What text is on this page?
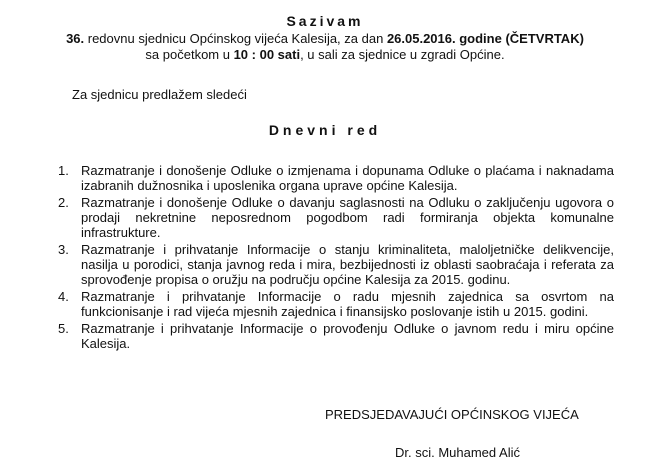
Sazivam
36. redovnu sjednicu Općinskog vijeća Kalesija, za dan 26.05.2016. godine (ČETVRTAK)
sa početkom u 10 : 00 sati, u sali za sjednice u zgradi Općine.
Za sjednicu predlažem sledeći
Dnevni red
1. Razmatranje i donošenje Odluke o izmjenama i dopunama Odluke o plaćama i naknadama izabranih dužnosnika i uposlenika organa uprave općine Kalesija.
2. Razmatranje i donošenje Odluke o davanju saglasnosti na Odluku o zaključenju ugovora o prodaji nekretnine neposrednom pogodbom radi formiranja objekta komunalne infrastrukture.
3. Razmatranje i prihvatanje Informacije o stanju kriminaliteta, maloljetničke delikvencije, nasilja u porodici, stanja javnog reda i mira, bezbijednosti iz oblasti saobraćaja i referata za sprovođenje propisa o oružju na području općine Kalesija za 2015. godinu.
4. Razmatranje i prihvatanje Informacije o radu mjesnih zajednica sa osvrtom na funkcionisanje i rad vijeća mjesnih zajednica i finansijsko poslovanje istih u 2015. godini.
5. Razmatranje i prihvatanje Informacije o provođenju Odluke o javnom redu i miru općine Kalesija.
PREDSJEDAVAJUĆI OPĆINSKOG VIJEĆA
Dr. sci. Muhamed Alić
